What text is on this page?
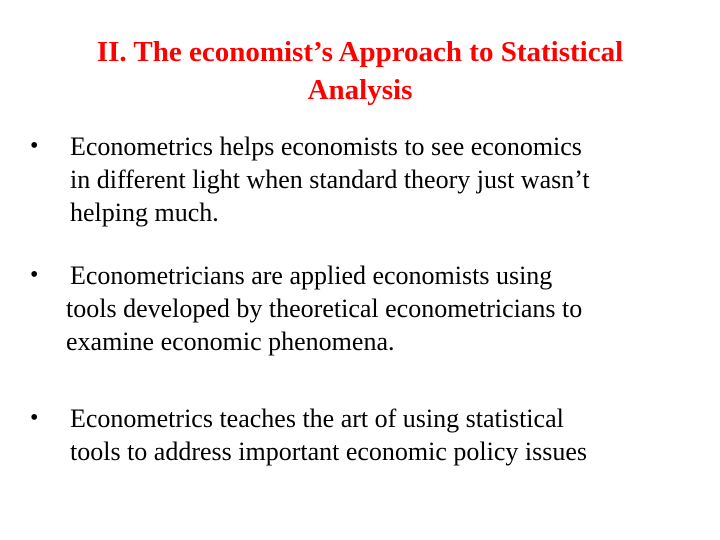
II. The economist’s Approach to Statistical
Analysis
• Econometrics helps economists to see economics
in different light when standard theory just wasn’t
helping much.
• Econometricians are applied economists using
tools developed by theoretical econometricians to
examine economic phenomena.
• Econometrics teaches the art of using statistical
tools to address important economic policy issues
